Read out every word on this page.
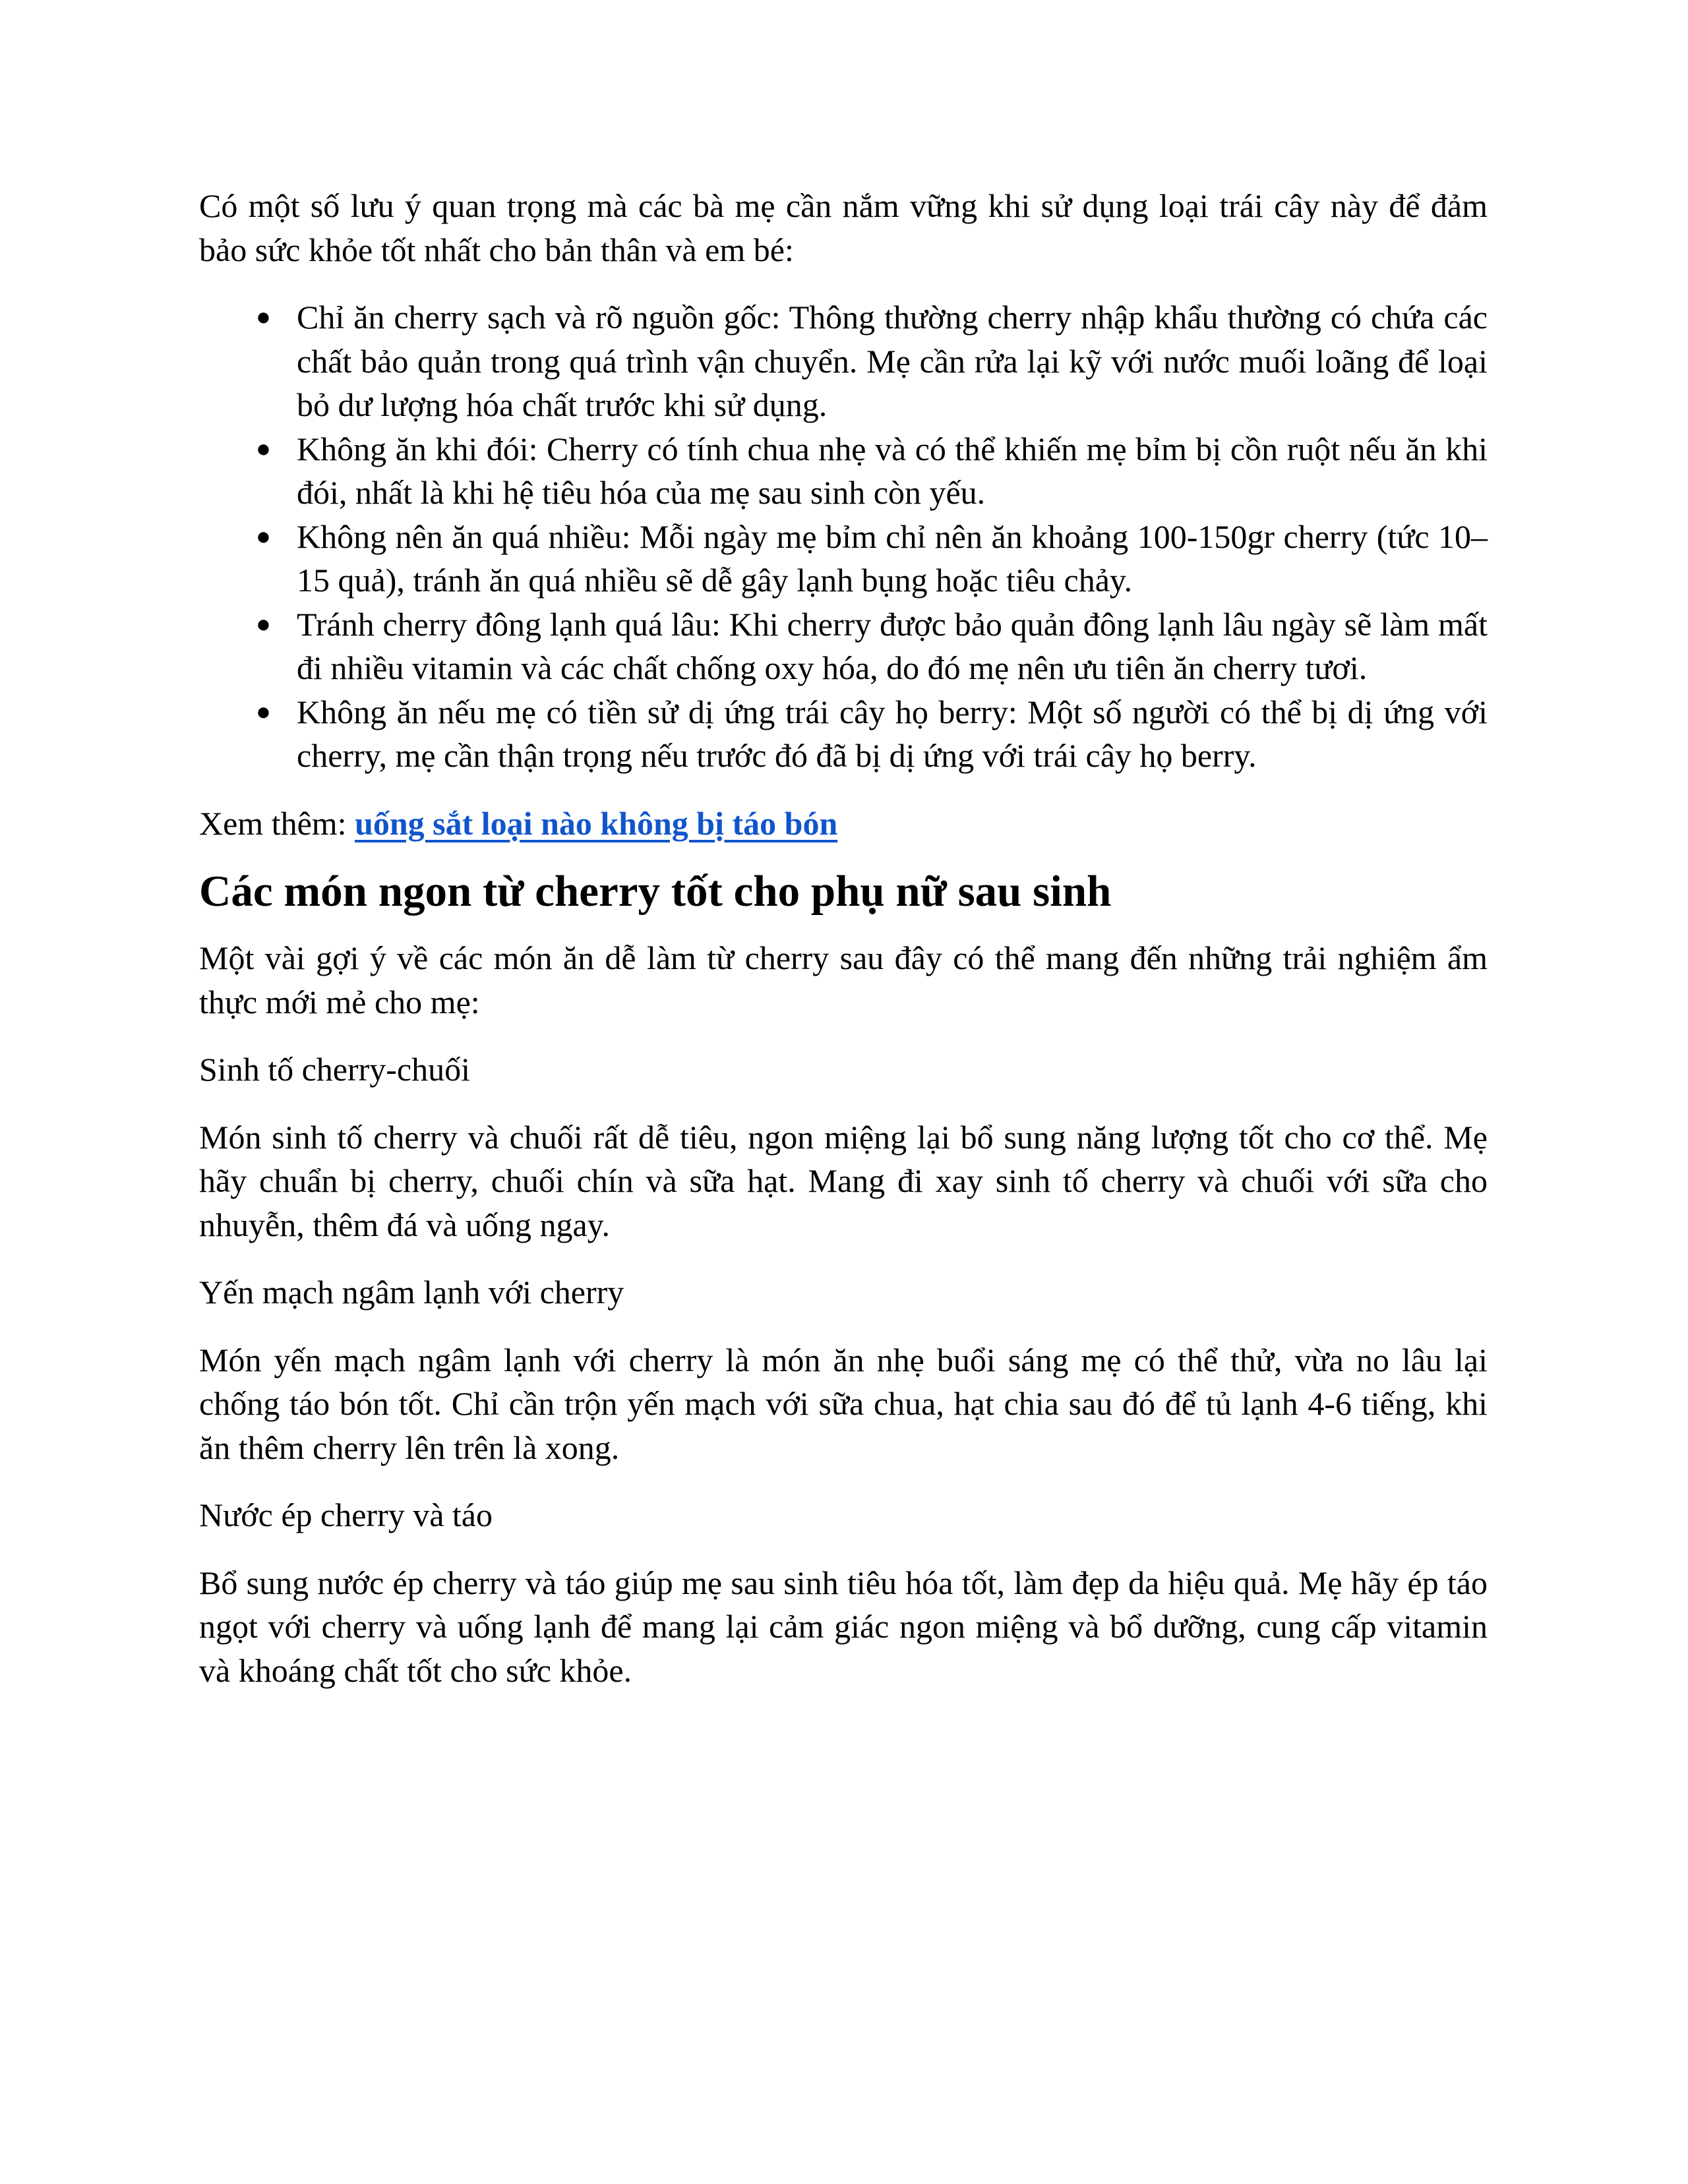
Có một số lưu ý quan trọng mà các bà mẹ cần nắm vững khi sử dụng loại trái cây này để đảm bảo sức khỏe tốt nhất cho bản thân và em bé:

● Chỉ ăn cherry sạch và rõ nguồn gốc: Thông thường cherry nhập khẩu thường có chứa các chất bảo quản trong quá trình vận chuyển. Mẹ cần rửa lại kỹ với nước muối loãng để loại bỏ dư lượng hóa chất trước khi sử dụng.
● Không ăn khi đói: Cherry có tính chua nhẹ và có thể khiến mẹ bỉm bị cồn ruột nếu ăn khi đói, nhất là khi hệ tiêu hóa của mẹ sau sinh còn yếu.
● Không nên ăn quá nhiều: Mỗi ngày mẹ bỉm chỉ nên ăn khoảng 100-150gr cherry (tức 10–15 quả), tránh ăn quá nhiều sẽ dễ gây lạnh bụng hoặc tiêu chảy.
● Tránh cherry đông lạnh quá lâu: Khi cherry được bảo quản đông lạnh lâu ngày sẽ làm mất đi nhiều vitamin và các chất chống oxy hóa, do đó mẹ nên ưu tiên ăn cherry tươi.
● Không ăn nếu mẹ có tiền sử dị ứng trái cây họ berry: Một số người có thể bị dị ứng với cherry, mẹ cần thận trọng nếu trước đó đã bị dị ứng với trái cây họ berry.

Xem thêm: uống sắt loại nào không bị táo bón

Các món ngon từ cherry tốt cho phụ nữ sau sinh

Một vài gợi ý về các món ăn dễ làm từ cherry sau đây có thể mang đến những trải nghiệm ẩm thực mới mẻ cho mẹ:

Sinh tố cherry-chuối

Món sinh tố cherry và chuối rất dễ tiêu, ngon miệng lại bổ sung năng lượng tốt cho cơ thể. Mẹ hãy chuẩn bị cherry, chuối chín và sữa hạt. Mang đi xay sinh tố cherry và chuối với sữa cho nhuyễn, thêm đá và uống ngay.

Yến mạch ngâm lạnh với cherry

Món yến mạch ngâm lạnh với cherry là món ăn nhẹ buổi sáng mẹ có thể thử, vừa no lâu lại chống táo bón tốt. Chỉ cần trộn yến mạch với sữa chua, hạt chia sau đó để tủ lạnh 4-6 tiếng, khi ăn thêm cherry lên trên là xong.

Nước ép cherry và táo

Bổ sung nước ép cherry và táo giúp mẹ sau sinh tiêu hóa tốt, làm đẹp da hiệu quả. Mẹ hãy ép táo ngọt với cherry và uống lạnh để mang lại cảm giác ngon miệng và bổ dưỡng, cung cấp vitamin và khoáng chất tốt cho sức khỏe.
